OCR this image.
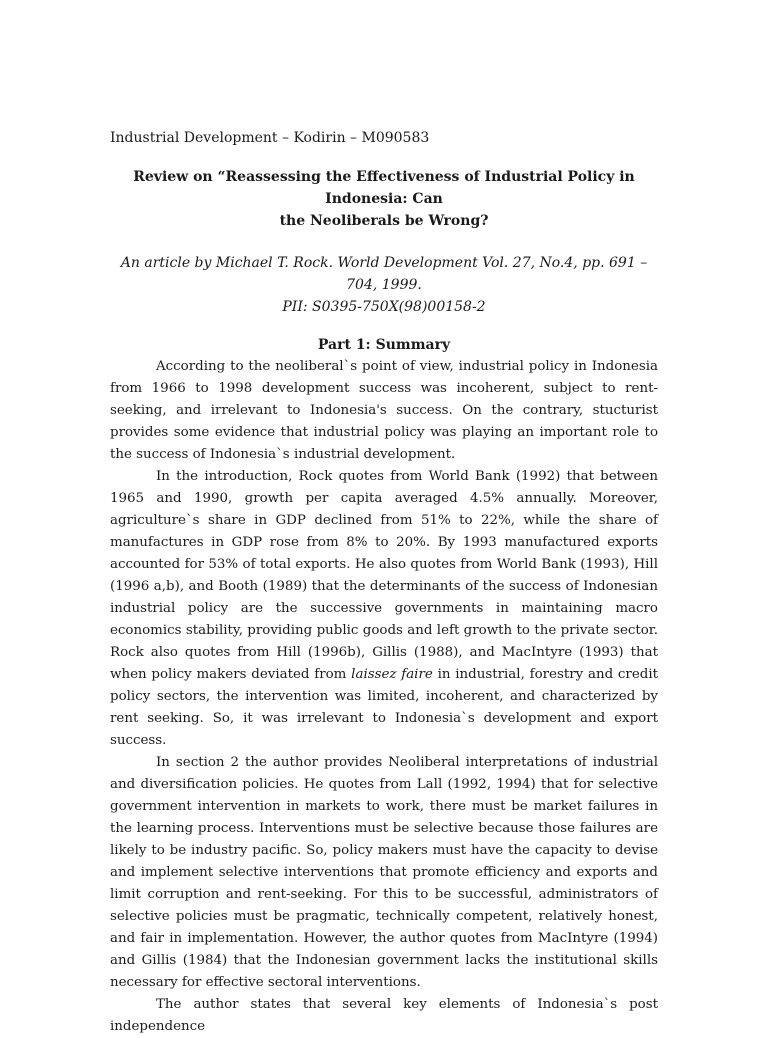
Industrial Development – Kodirin – M090583

Review on “Reassessing the Effectiveness of Industrial Policy in Indonesia: Can
the Neoliberals be Wrong?
An article by Michael T. Rock. World Development Vol. 27, No.4, pp. 691 – 704, 1999.
PII: S0395-750X(98)00158-2
Part 1: Summary

According to the neoliberal`s point of view, industrial policy in Indonesia from 1966 to 1998 development success was incoherent, subject to rent-seeking, and irrelevant to Indonesia's success. On the contrary, stucturist provides some evidence that industrial policy was playing an important role to the success of Indonesia`s industrial development.

In the introduction, Rock quotes from World Bank (1992) that between 1965 and 1990, growth per capita averaged 4.5% annually. Moreover, agriculture`s share in GDP declined from 51% to 22%, while the share of manufactures in GDP rose from 8% to 20%. By 1993 manufactured exports accounted for 53% of total exports. He also quotes from World Bank (1993), Hill (1996 a,b), and Booth (1989) that the determinants of the success of Indonesian industrial policy are the successive governments in maintaining macro economics stability, providing public goods and left growth to the private sector. Rock also quotes from Hill (1996b), Gillis (1988), and MacIntyre (1993) that when policy makers deviated from laissez faire in industrial, forestry and credit policy sectors, the intervention was limited, incoherent, and characterized by rent seeking. So, it was irrelevant to Indonesia`s development and export success.

In section 2 the author provides Neoliberal interpretations of industrial and diversification policies. He quotes from Lall (1992, 1994) that for selective government intervention in markets to work, there must be market failures in the learning process. Interventions must be selective because those failures are likely to be industry pacific. So, policy makers must have the capacity to devise and implement selective interventions that promote efficiency and exports and limit corruption and rent-seeking. For this to be successful, administrators of selective policies must be pragmatic, technically competent, relatively honest, and fair in implementation. However, the author quotes from MacIntyre (1994) and Gillis (1984) that the Indonesian government lacks the institutional skills necessary for effective sectoral interventions.

The author states that several key elements of Indonesia`s post independence
